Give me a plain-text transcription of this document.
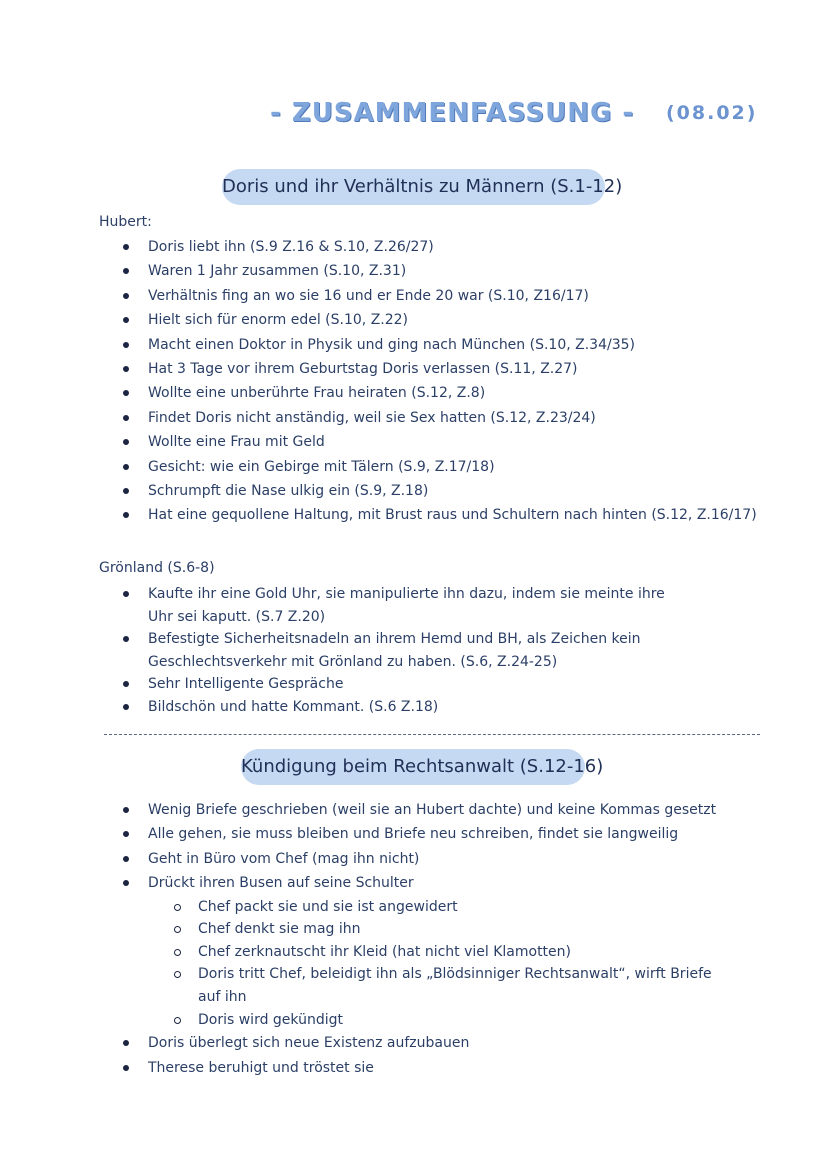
- ZUSAMMENFASSUNG - (08.02)
Doris und ihr Verhältnis zu Männern (S.1-12)
Hubert:
Doris liebt ihn (S.9 Z.16 & S.10, Z.26/27)
Waren 1 Jahr zusammen (S.10, Z.31)
Verhältnis fing an wo sie 16 und er Ende 20 war (S.10, Z16/17)
Hielt sich für enorm edel (S.10, Z.22)
Macht einen Doktor in Physik und ging nach München (S.10, Z.34/35)
Hat 3 Tage vor ihrem Geburtstag Doris verlassen (S.11, Z.27)
Wollte eine unberührte Frau heiraten (S.12, Z.8)
Findet Doris nicht anständig, weil sie Sex hatten (S.12, Z.23/24)
Wollte eine Frau mit Geld
Gesicht: wie ein Gebirge mit Tälern (S.9, Z.17/18)
Schrumpft die Nase ulkig ein (S.9, Z.18)
Hat eine gequollene Haltung, mit Brust raus und Schultern nach hinten (S.12, Z.16/17)
Grönland (S.6-8)
Kaufte ihr eine Gold Uhr, sie manipulierte ihn dazu, indem sie meinte ihre Uhr sei kaputt. (S.7 Z.20)
Befestigte Sicherheitsnadeln an ihrem Hemd und BH, als Zeichen kein Geschlechtsverkehr mit Grönland zu haben. (S.6, Z.24-25)
Sehr Intelligente Gespräche
Bildschön und hatte Kommant. (S.6 Z.18)
Kündigung beim Rechtsanwalt (S.12-16)
Wenig Briefe geschrieben (weil sie an Hubert dachte) und keine Kommas gesetzt
Alle gehen, sie muss bleiben und Briefe neu schreiben, findet sie langweilig
Geht in Büro vom Chef (mag ihn nicht)
Drückt ihren Busen auf seine Schulter
Chef packt sie und sie ist angewidert
Chef denkt sie mag ihn
Chef zerknautscht ihr Kleid (hat nicht viel Klamotten)
Doris tritt Chef, beleidigt ihn als „Blödsinniger Rechtsanwalt“, wirft Briefe auf ihn
Doris wird gekündigt
Doris überlegt sich neue Existenz aufzubauen
Therese beruhigt und tröstet sie
